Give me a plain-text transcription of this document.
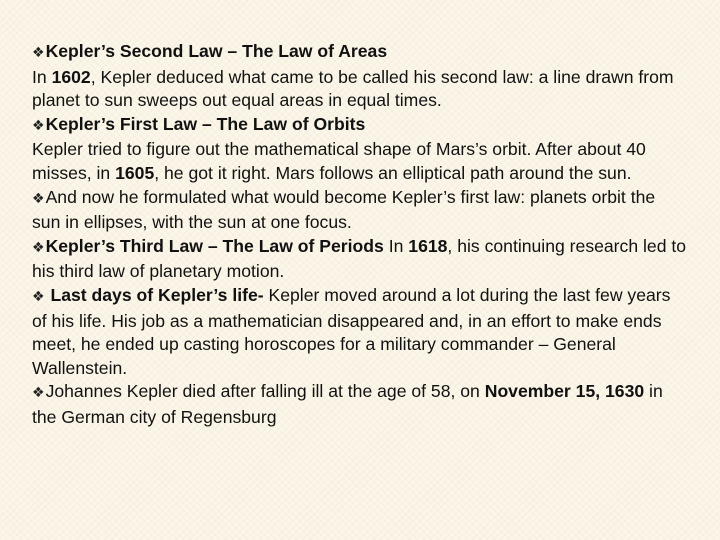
❖Kepler’s Second Law – The Law of Areas

In 1602, Kepler deduced what came to be called his second law: a line drawn from planet to sun sweeps out equal areas in equal times.

❖Kepler’s First Law – The Law of Orbits

Kepler tried to figure out the mathematical shape of Mars’s orbit. After about 40 misses, in 1605, he got it right. Mars follows an elliptical path around the sun.

❖And now he formulated what would become Kepler’s first law: planets orbit the sun in ellipses, with the sun at one focus.

❖Kepler’s Third Law – The Law of Periods In 1618, his continuing research led to his third law of planetary motion.

❖ Last days of Kepler’s life- Kepler moved around a lot during the last few years of his life. His job as a mathematician disappeared and, in an effort to make ends meet, he ended up casting horoscopes for a military commander – General Wallenstein.

❖Johannes Kepler died after falling ill at the age of 58, on November 15, 1630 in the German city of Regensburg
